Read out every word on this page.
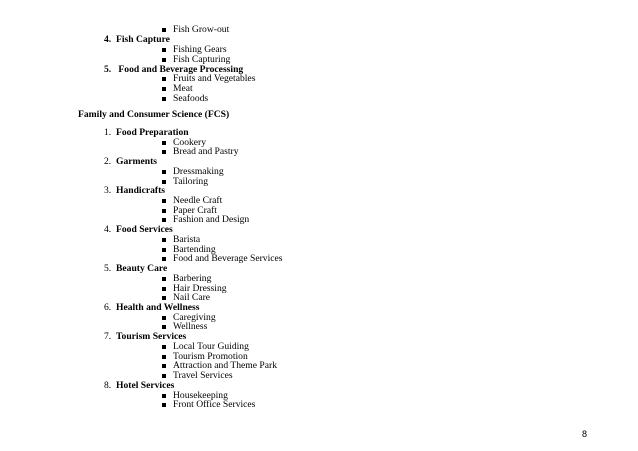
Fish Grow-out
4. Fish Capture
Fishing Gears
Fish Capturing
5. Food and Beverage Processing
Fruits and Vegetables
Meat
Seafoods
Family and Consumer Science (FCS)
1. Food Preparation
Cookery
Bread and Pastry
2. Garments
Dressmaking
Tailoring
3. Handicrafts
Needle Craft
Paper Craft
Fashion and Design
4. Food Services
Barista
Bartending
Food and Beverage Services
5. Beauty Care
Barbering
Hair Dressing
Nail Care
6. Health and Wellness
Caregiving
Wellness
7. Tourism Services
Local Tour Guiding
Tourism Promotion
Attraction and Theme Park
Travel Services
8. Hotel Services
Housekeeping
Front Office Services
8
